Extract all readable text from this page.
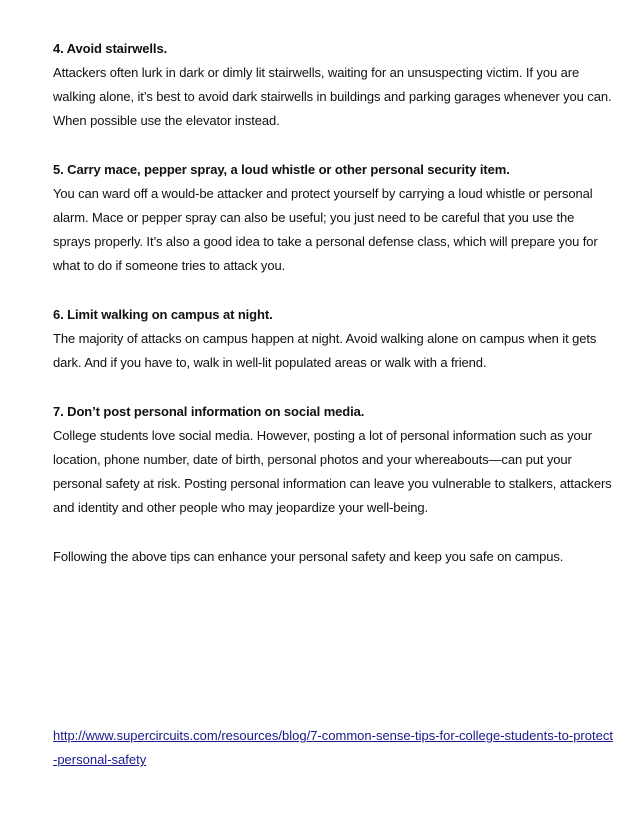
4. Avoid stairwells.

Attackers often lurk in dark or dimly lit stairwells, waiting for an unsuspecting victim. If you are walking alone, it’s best to avoid dark stairwells in buildings and parking garages whenever you can. When possible use the elevator instead.

5. Carry mace, pepper spray, a loud whistle or other personal security item.

You can ward off a would-be attacker and protect yourself by carrying a loud whistle or personal alarm. Mace or pepper spray can also be useful; you just need to be careful that you use the sprays properly. It’s also a good idea to take a personal defense class, which will prepare you for what to do if someone tries to attack you.

6. Limit walking on campus at night.

The majority of attacks on campus happen at night. Avoid walking alone on campus when it gets dark. And if you have to, walk in well-lit populated areas or walk with a friend.

7. Don’t post personal information on social media.

College students love social media. However, posting a lot of personal information such as your location, phone number, date of birth, personal photos and your whereabouts—can put your personal safety at risk. Posting personal information can leave you vulnerable to stalkers, attackers and identity and other people who may jeopardize your well-being.

Following the above tips can enhance your personal safety and keep you safe on campus.

http://www.supercircuits.com/resources/blog/7-common-sense-tips-for-college-students-to-protect-personal-safety
